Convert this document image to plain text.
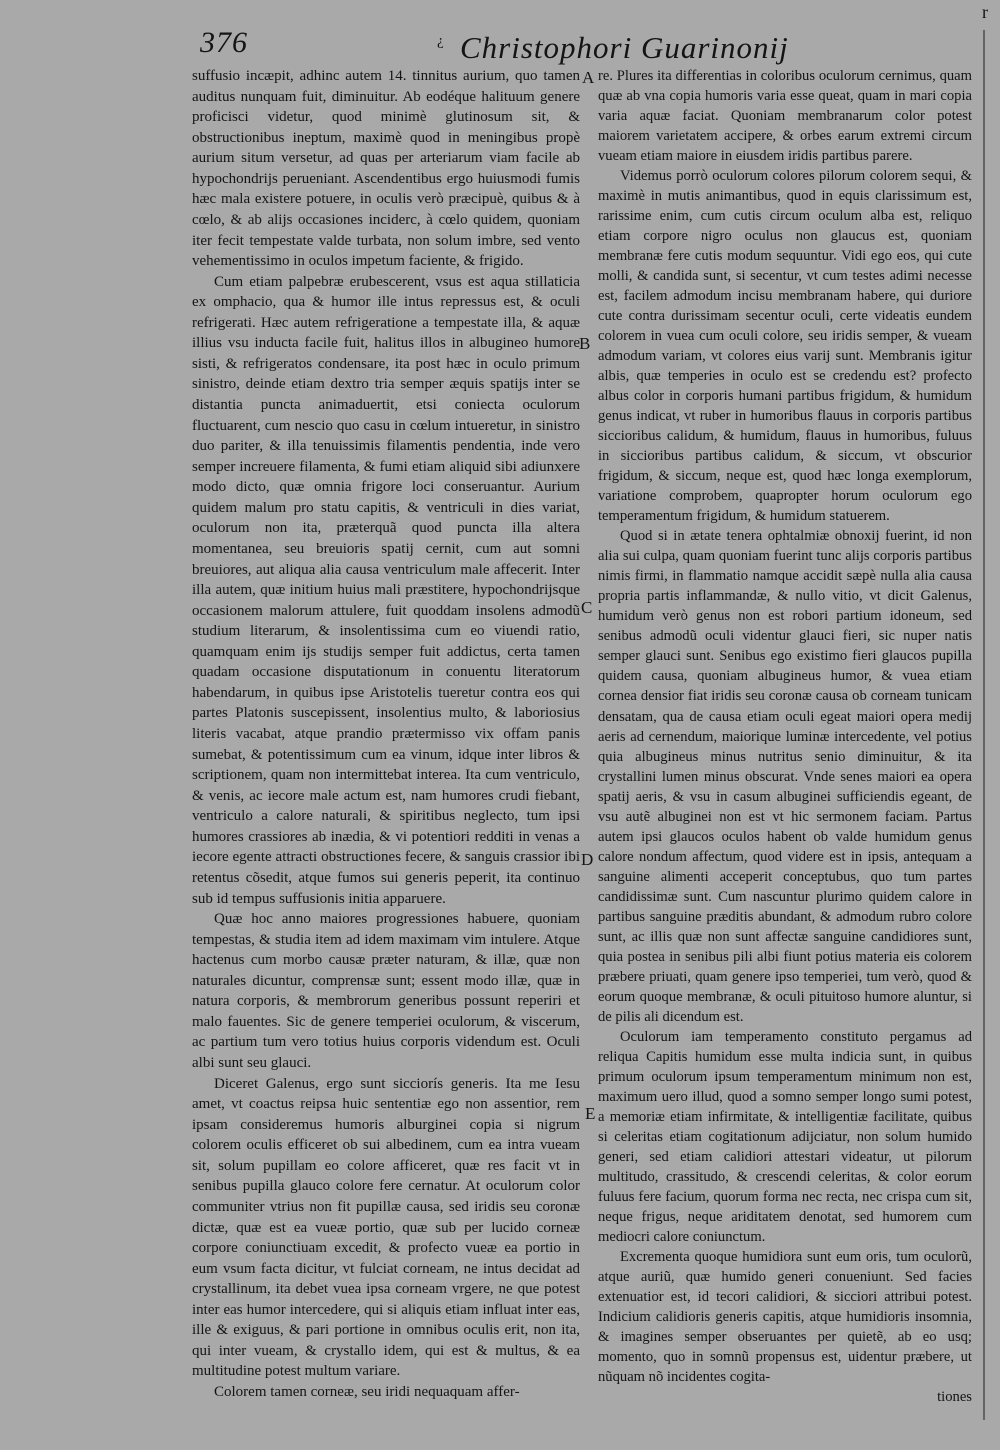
376	¿ Christophori Guarinonij
r
A
B
C
D
E

suffusio incæpit, adhinc autem 14. tinnitus aurium, quo tamen auditus nunquam fuit, diminuitur. Ab eodéque halituum genere proficisci videtur, quod minimè glutinosum sit, & obstructionibus ineptum, maximè quod in meningibus propè aurium situm versetur, ad quas per arteriarum viam facile ab hypochondrijs perueniant. Ascendentibus ergo huiusmodi fumis hæc mala existere potuere, in oculis verò præcipuè, quibus & à cœlo, & ab alijs occasiones inciderc, à cœlo quidem, quoniam iter fecit tempestate valde turbata, non solum imbre, sed vento vehementissimo in oculos impetum faciente, & frigido.

Cum etiam palpebræ erubescerent, vsus est aqua stillaticia ex omphacio, qua & humor ille intus repressus est, & oculi refrigerati. Hæc autem refrigeratione a tempestate illa, & aquæ illius vsu inducta facile fuit, halitus illos in albugineo humore sisti, & refrigeratos condensare, ita post hæc in oculo primum sinistro, deinde etiam dextro tria semper æquis spatijs inter se distantia puncta animaduertit, etsi coniecta oculorum fluctuarent, cum nescio quo casu in cœlum intueretur, in sinistro duo pariter, & illa tenuissimis filamentis pendentia, inde vero semper increuere filamenta, & fumi etiam aliquid sibi adiunxere modo dicto, quæ omnia frigore loci conseruantur. Aurium quidem malum pro statu capitis, & ventriculi in dies variat, oculorum non ita, præterquã quod puncta illa altera momentanea, seu breuioris spatij cernit, cum aut somni breuiores, aut aliqua alia causa ventriculum male affecerit. Inter illa autem, quæ initium huius mali præstitere, hypochondrijsque occasionem malorum attulere, fuit quoddam insolens admodũ studium literarum, & insolentissima cum eo viuendi ratio, quamquam enim ijs studijs semper fuit addictus, certa tamen quadam occasione disputationum in conuentu literatorum habendarum, in quibus ipse Aristotelis tueretur contra eos qui partes Platonis suscepissent, insolentius multo, & laboriosius literis vacabat, atque prandio prætermisso vix offam panis sumebat, & potentissimum cum ea vinum, idque inter libros & scriptionem, quam non intermittebat interea. Ita cum ventriculo, & venis, ac iecore male actum est, nam humores crudi fiebant, ventriculo a calore naturali, & spiritibus neglecto, tum ipsi humores crassiores ab inædia, & vi potentiori redditi in venas a iecore egente attracti obstructiones fecere, & sanguis crassior ibi retentus cõsedit, atque fumos sui generis peperit, ita continuo sub id tempus suffusionis initia apparuere.

Quæ hoc anno maiores progressiones habuere, quoniam tempestas, & studia item ad idem maximam vim intulere. Atque hactenus cum morbo causæ præter naturam, & illæ, quæ non naturales dicuntur, comprensæ sunt; essent modo illæ, quæ in natura corporis, & membrorum generibus possunt reperiri et malo fauentes. Sic de genere temperiei oculorum, & viscerum, ac partium tum vero totius huius corporis videndum est. Oculi albi sunt seu glauci.

Diceret Galenus, ergo sunt sicciorís generis. Ita me Iesu amet, vt coactus reipsa huic sententiæ ego non assentior, rem ipsam consideremus humoris alburginei copia si nigrum colorem oculis efficeret ob sui albedinem, cum ea intra vueam sit, solum pupillam eo colore afficeret, quæ res facit vt in senibus pupilla glauco colore fere cernatur. At oculorum color communiter vtrius non fit pupillæ causa, sed iridis seu coronæ dictæ, quæ est ea vueæ portio, quæ sub per lucido corneæ corpore coniunctiuam excedit, & profecto vueæ ea portio in eum vsum facta dicitur, vt fulciat corneam, ne intus decidat ad crystallinum, ita debet vuea ipsa corneam vrgere, ne que potest inter eas humor intercedere, qui si aliquis etiam influat inter eas, ille & exiguus, & pari portione in omnibus oculis erit, non ita, qui inter vueam, & crystallo idem, qui est & multus, & ea multitudine potest multum variare.

Colorem tamen corneæ, seu iridi nequaquam affer-

re. Plures ita differentias in coloribus oculorum cernimus, quam quæ ab vna copia humoris varia esse queat, quam in mari copia varia aquæ faciat. Quoniam membranarum color potest maiorem varietatem accipere, & orbes earum extremi circum vueam etiam maiore in eiusdem iridis partibus parere.

Videmus porrò oculorum colores pilorum colorem sequi, & maximè in mutis animantibus, quod in equis clarissimum est, rarissime enim, cum cutis circum oculum alba est, reliquo etiam corpore nigro oculus non glaucus est, quoniam membranæ fere cutis modum sequuntur. Vidi ego eos, qui cute molli, & candida sunt, si secentur, vt cum testes adimi necesse est, facilem admodum incisu membranam habere, qui duriore cute contra durissimam secentur oculi, certe videatis eundem colorem in vuea cum oculi colore, seu iridis semper, & vueam admodum variam, vt colores eius varij sunt. Membranis igitur albis, quæ temperies in oculo est se credendu est? profecto albus color in corporis humani partibus frigidum, & humidum genus indicat, vt ruber in humoribus flauus in corporis partibus siccioribus calidum, & humidum, flauus in humoribus, fuluus in siccioribus partibus calidum, & siccum, vt obscurior frigidum, & siccum, neque est, quod hæc longa exemplorum, variatione comprobem, quapropter horum oculorum ego temperamentum frigidum, & humidum statuerem.

Quod si in ætate tenera ophtalmiæ obnoxij fuerint, id non alia sui culpa, quam quoniam fuerint tunc alijs corporis partibus nimis firmi, in flammatio namque accidit sæpè nulla alia causa propria partis inflammandæ, & nullo vitio, vt dicit Galenus, humidum verò genus non est robori partium idoneum, sed senibus admodũ oculi videntur glauci fieri, sic nuper natis semper glauci sunt. Senibus ego existimo fieri glaucos pupilla quidem causa, quoniam albugineus humor, & vuea etiam cornea densior fiat iridis seu coronæ causa ob corneam tunicam densatam, qua de causa etiam oculi egeat maiori opera medij aeris ad cernendum, maiorique luminæ intercedente, vel potius quia albugineus minus nutritus senio diminuitur, & ita crystallini lumen minus obscurat. Vnde senes maiori ea opera spatij aeris, & vsu in casum albuginei sufficiendis egeant, de vsu autẽ albuginei non est vt hic sermonem faciam. Partus autem ipsi glaucos oculos habent ob valde humidum genus calore nondum affectum, quod videre est in ipsis, antequam a sanguine alimenti acceperit conceptubus, quo tum partes candidissimæ sunt. Cum nascuntur plurimo quidem calore in partibus sanguine præditis abundant, & admodum rubro colore sunt, ac illis quæ non sunt affectæ sanguine candidiores sunt, quia postea in senibus pili albi fiunt potius materia eis colorem præbere priuati, quam genere ipso temperiei, tum verò, quod & eorum quoque membranæ, & oculi pituitoso humore aluntur, si de pilis ali dicendum est.

Oculorum iam temperamento constituto pergamus ad reliqua Capitis humidum esse multa indicia sunt, in quibus primum oculorum ipsum temperamentum minimum non est, maximum uero illud, quod a somno semper longo sumi potest, a memoriæ etiam infirmitate, & intelligentiæ facilitate, quibus si celeritas etiam cogitationum adijciatur, non solum humido generi, sed etiam calidiori attestari videatur, ut pilorum multitudo, crassitudo, & crescendi celeritas, & color eorum fuluus fere facium, quorum forma nec recta, nec crispa cum sit, neque frigus, neque ariditatem denotat, sed humorem cum mediocri calore coniunctum.

Excrementa quoque humidiora sunt eum oris, tum oculorũ, atque auriũ, quæ humido generi conueniunt. Sed facies extenuatior est, id tecori calidiori, & sicciori attribui potest. Indicium calidioris generis capitis, atque humidioris insomnia, & imagines semper obseruantes per quietẽ, ab eo usq; momento, quo in somnũ propensus est, uidentur præbere, ut nũquam nõ incidentes cogita-

tiones
